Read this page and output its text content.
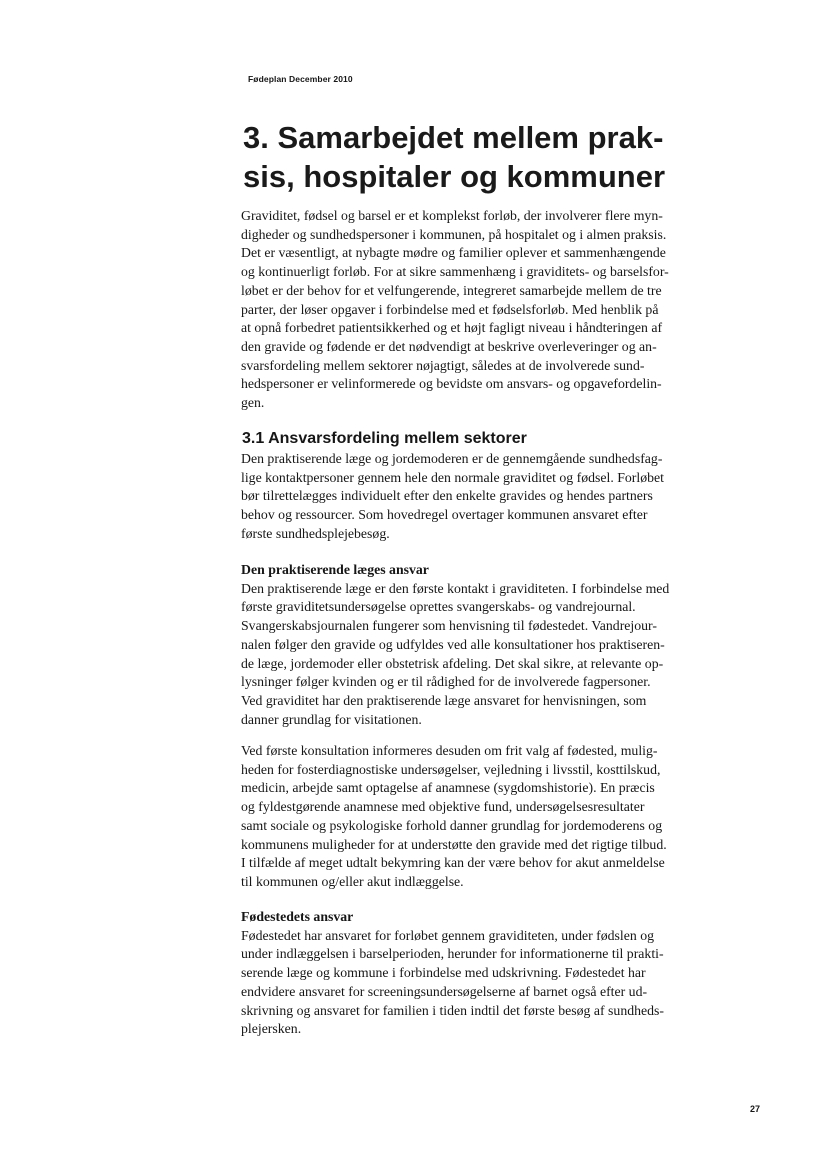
Fødeplan December 2010
3. Samarbejdet mellem prak-
sis, hospitaler og kommuner
Graviditet, fødsel og barsel er et komplekst forløb, der involverer flere myn-
digheder og sundhedspersoner i kommunen, på hospitalet og i almen praksis.
Det er væsentligt, at nybagte mødre og familier oplever et sammenhængende
og kontinuerligt forløb. For at sikre sammenhæng i graviditets- og barselsfor-
løbet er der behov for et velfungerende, integreret samarbejde mellem de tre
parter, der løser opgaver i forbindelse med et fødselsforløb. Med henblik på
at opnå forbedret patientsikkerhed og et højt fagligt niveau i håndteringen af
den gravide og fødende er det nødvendigt at beskrive overleveringer og an-
svarsfordeling mellem sektorer nøjagtigt, således at de involverede sund-
hedspersoner er velinformerede og bevidste om ansvars- og opgavefordelin-
gen.
3.1 Ansvarsfordeling mellem sektorer
Den praktiserende læge og jordemoderen er de gennemgående sundhedsfag-
lige kontaktpersoner gennem hele den normale graviditet og fødsel. Forløbet
bør tilrettelægges individuelt efter den enkelte gravides og hendes partners
behov og ressourcer. Som hovedregel overtager kommunen ansvaret efter
første sundhedsplejebesøg.
Den praktiserende læges ansvar
Den praktiserende læge er den første kontakt i graviditeten. I forbindelse med
første graviditetsundersøgelse oprettes svangerskabs- og vandrejournal.
Svangerskabsjournalen fungerer som henvisning til fødestedet. Vandrejour-
nalen følger den gravide og udfyldes ved alle konsultationer hos praktiseren-
de læge, jordemoder eller obstetrisk afdeling. Det skal sikre, at relevante op-
lysninger følger kvinden og er til rådighed for de involverede fagpersoner.
Ved graviditet har den praktiserende læge ansvaret for henvisningen, som
danner grundlag for visitationen.
Ved første konsultation informeres desuden om frit valg af fødested, mulig-
heden for fosterdiagnostiske undersøgelser, vejledning i livsstil, kosttilskud,
medicin, arbejde samt optagelse af anamnese (sygdomshistorie). En præcis
og fyldestgørende anamnese med objektive fund, undersøgelsesresultater
samt sociale og psykologiske forhold danner grundlag for jordemoderens og
kommunens muligheder for at understøtte den gravide med det rigtige tilbud.
I tilfælde af meget udtalt bekymring kan der være behov for akut anmeldelse
til kommunen og/eller akut indlæggelse.
Fødestedets ansvar
Fødestedet har ansvaret for forløbet gennem graviditeten, under fødslen og
under indlæggelsen i barselperioden, herunder for informationerne til prakti-
serende læge og kommune i forbindelse med udskrivning. Fødestedet har
endvidere ansvaret for screeningsundersøgelserne af barnet også efter ud-
skrivning og ansvaret for familien i tiden indtil det første besøg af sundheds-
plejersken.
27
